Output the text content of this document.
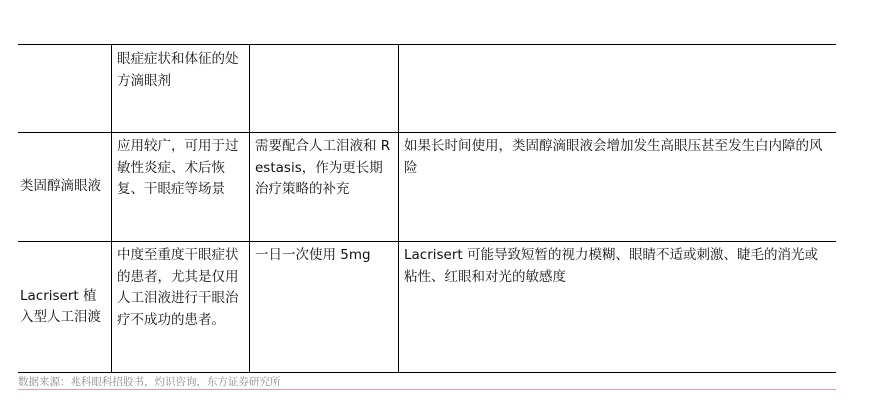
	眼症症状和体征的处方滴眼剂		
类固醇滴眼液	应用较广，可用于过敏性炎症、术后恢复、干眼症等场景	需要配合人工泪液和 Restasis，作为更长期治疗策略的补充	如果长时间使用，类固醇滴眼液会增加发生高眼压甚至发生白内障的风险
Lacrisert 植入型人工泪渡	中度至重度干眼症状的患者，尤其是仅用人工泪液进行干眼治疗不成功的患者。	一日一次使用 5mg	Lacrisert 可能导致短暂的视力模糊、眼睛不适或刺激、睫毛的消光或粘性、红眼和对光的敏感度
数据来源：兆科眼科招股书，灼识咨询，东方证券研究所
